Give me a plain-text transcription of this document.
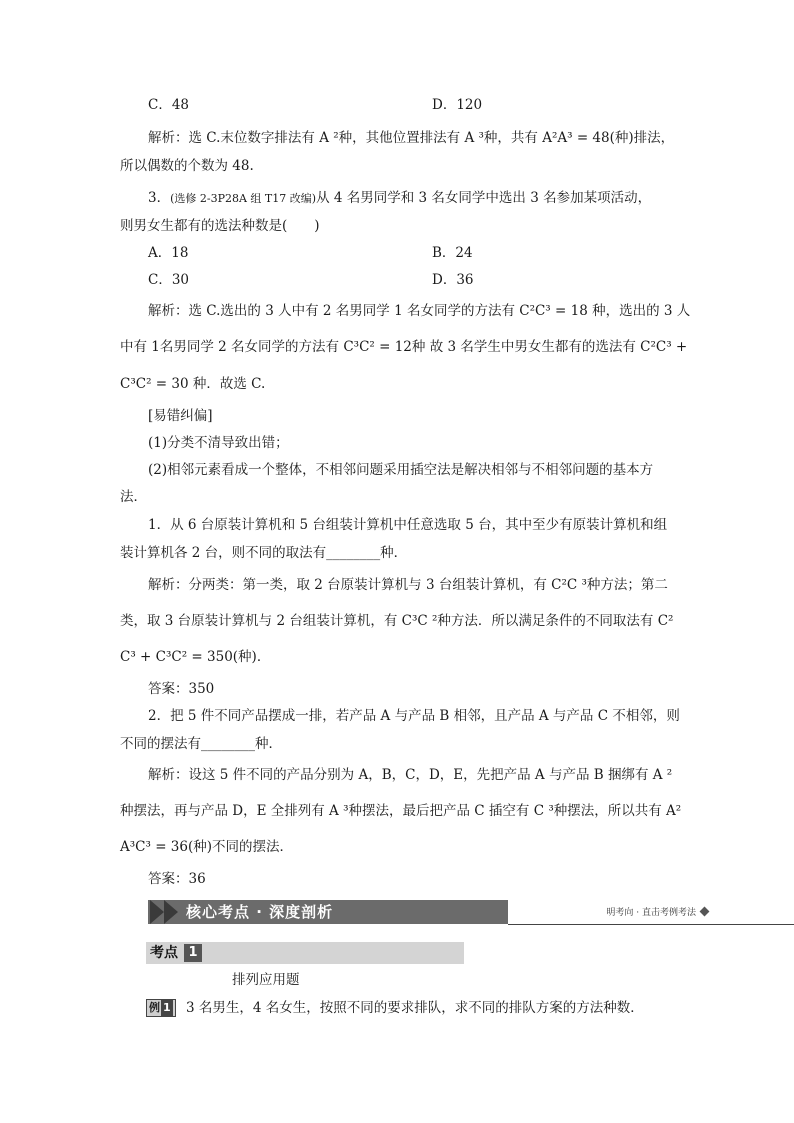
C．48	D．120
解析：选 C.末位数字排法有 A ²种，其他位置排法有 A ³种，共有 A²A³ = 48(种)排法，
所以偶数的个数为 48.
3．(选修 2-3P28A 组 T17 改编)从 4 名男同学和 3 名女同学中选出 3 名参加某项活动，
则男女生都有的选法种数是(　　)
A．18	B．24
C．30	D．36
解析：选 C.选出的 3 人中有 2 名男同学 1 名女同学的方法有 C²C³ = 18 种，选出的 3 人
中有 1名男同学 2 名女同学的方法有 C³C² = 12种 故 3 名学生中男女生都有的选法有 C²C³ +
C³C² = 30 种．故选 C.
[易错纠偏]
(1)分类不清导致出错；
(2)相邻元素看成一个整体，不相邻问题采用插空法是解决相邻与不相邻问题的基本方
法．
1．从 6 台原装计算机和 5 台组装计算机中任意选取 5 台，其中至少有原装计算机和组
装计算机各 2 台，则不同的取法有________种．
解析：分两类：第一类，取 2 台原装计算机与 3 台组装计算机，有 C²C ³种方法；第二
类，取 3 台原装计算机与 2 台组装计算机，有 C³C ²种方法．所以满足条件的不同取法有 C²
C³ + C³C² = 350(种)．
答案：350
2．把 5 件不同产品摆成一排，若产品 A 与产品 B 相邻，且产品 A 与产品 C 不相邻，则
不同的摆法有________种．
解析：设这 5 件不同的产品分别为 A，B，C，D，E，先把产品 A 与产品 B 捆绑有 A ²
种摆法，再与产品 D，E 全排列有 A ³种摆法，最后把产品 C 插空有 C ³种摆法，所以共有 A²
A³C³ = 36(种)不同的摆法．
答案：36
核心考点 · 深度剖析	明考向 · 直击考例考法
考点 1
排列应用题
例 1	3 名男生，4 名女生，按照不同的要求排队，求不同的排队方案的方法种数．
